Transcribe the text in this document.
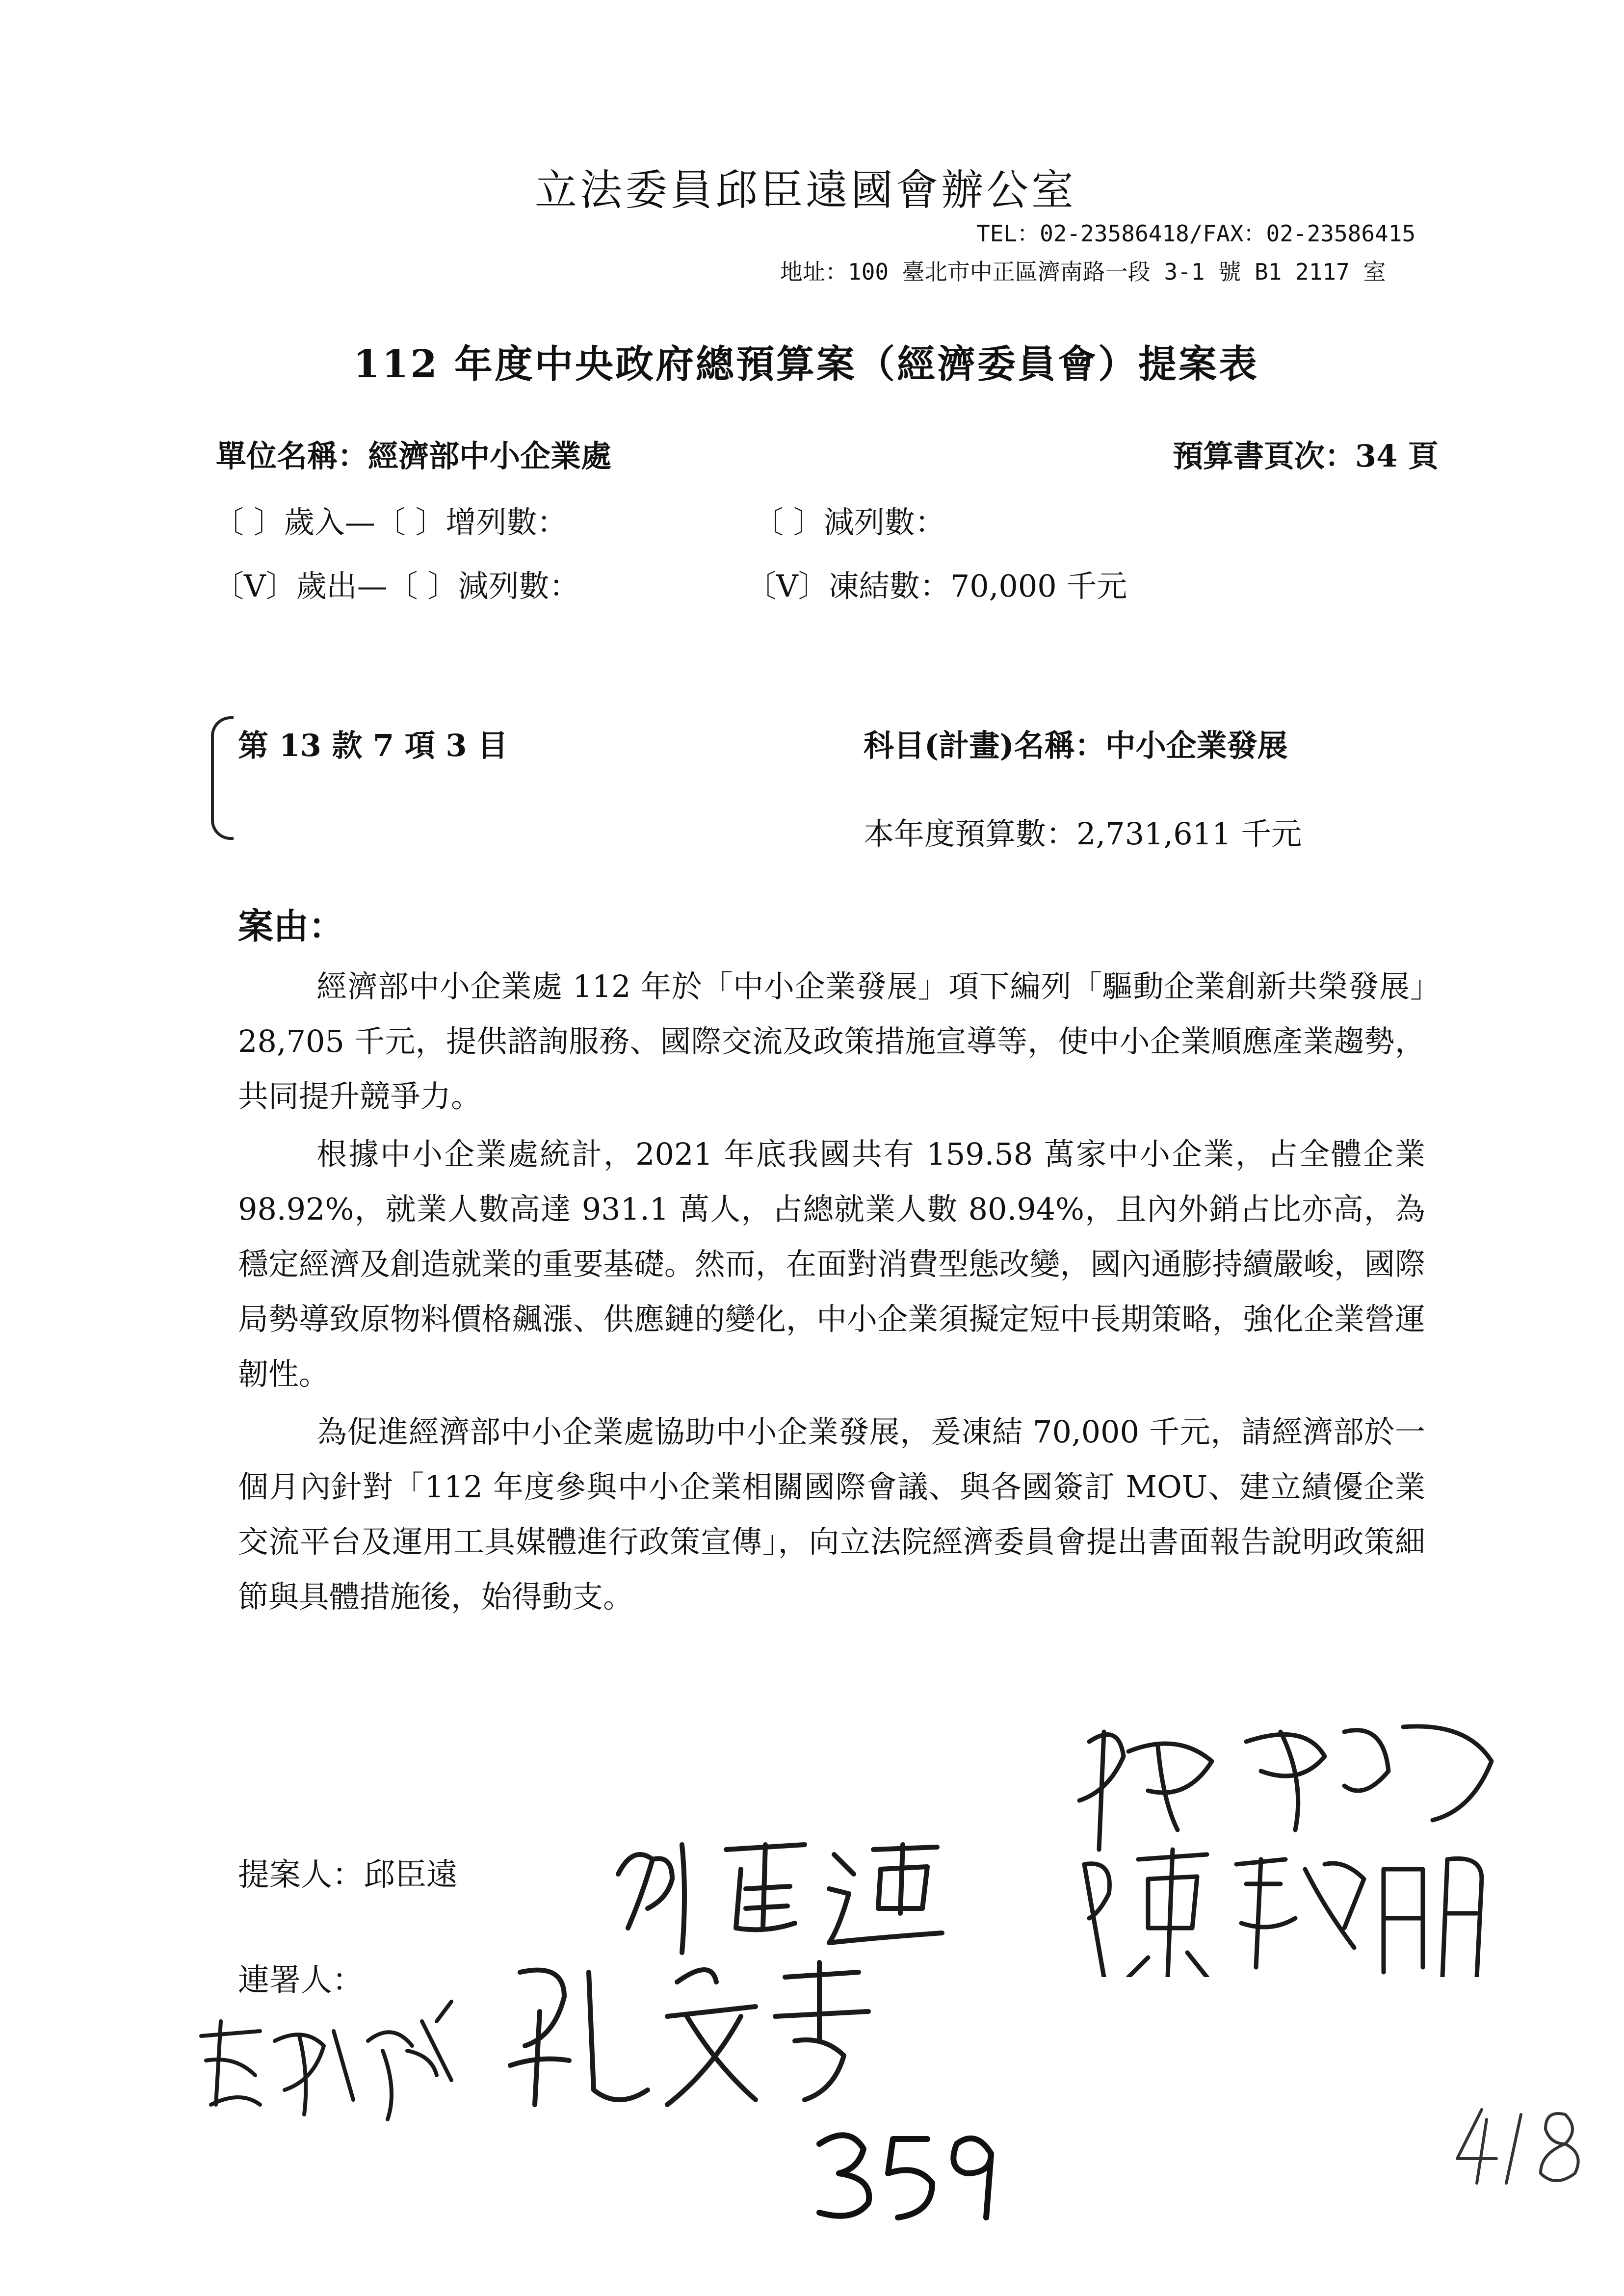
立法委員邱臣遠國會辦公室
TEL：02-23586418/FAX：02-23586415
地址：100 臺北市中正區濟南路一段 3-1 號 B1 2117 室
112 年度中央政府總預算案（經濟委員會）提案表
單位名稱：經濟部中小企業處	預算書頁次：34 頁
〔 〕歲入—〔 〕增列數：	〔 〕減列數：
〔V〕歲出—〔 〕減列數：	〔V〕凍結數：70,000 千元
第 13 款 7 項 3 目	科目(計畫)名稱：中小企業發展
本年度預算數：2,731,611 千元
案由：

經濟部中小企業處 112 年於「中小企業發展」項下編列「驅動企業創新共榮發展」28,705 千元，提供諮詢服務、國際交流及政策措施宣導等，使中小企業順應產業趨勢，共同提升競爭力。

根據中小企業處統計，2021 年底我國共有 159.58 萬家中小企業，占全體企業 98.92%，就業人數高達 931.1 萬人，占總就業人數 80.94%，且內外銷占比亦高，為穩定經濟及創造就業的重要基礎。然而，在面對消費型態改變，國內通膨持續嚴峻，國際局勢導致原物料價格飆漲、供應鏈的變化，中小企業須擬定短中長期策略，強化企業營運韌性。

為促進經濟部中小企業處協助中小企業發展，爰凍結 70,000 千元，請經濟部於一個月內針對「112 年度參與中小企業相關國際會議、與各國簽訂 MOU、建立績優企業交流平台及運用工具媒體進行政策宣傳」，向立法院經濟委員會提出書面報告說明政策細節與具體措施後，始得動支。

提案人：邱臣遠
連署人：
